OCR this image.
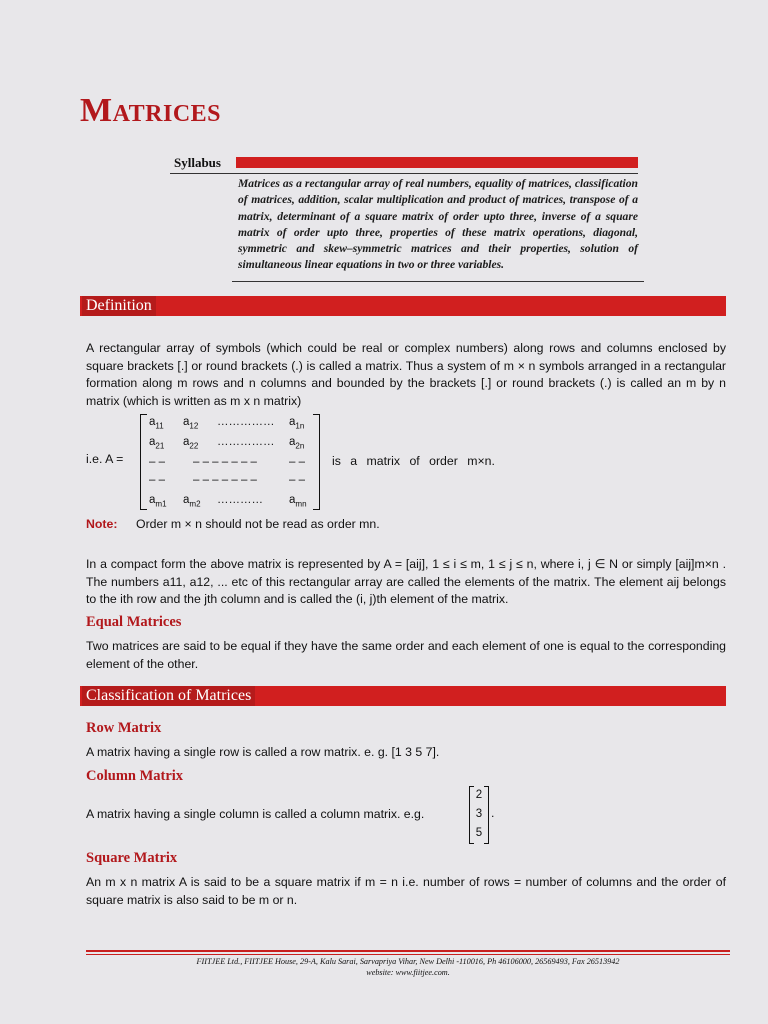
Matrices
Syllabus

Matrices as a rectangular array of real numbers, equality of matrices, classification of matrices, addition, scalar multiplication and product of matrices, transpose of a matrix, determinant of a square matrix of order upto three, inverse of a square matrix of order upto three, properties of these matrix operations, diagonal, symmetric and skew–symmetric matrices and their properties, solution of simultaneous linear equations in two or three variables.

Definition

A rectangular array of symbols (which could be real or complex numbers) along rows and columns enclosed by square brackets [.] or round brackets (.) is called a matrix. Thus a system of m × n symbols arranged in a rectangular formation along m rows and n columns and bounded by the brackets [.] or round brackets (.) is called an m by n matrix (which is written as m x n matrix)

i.e. A =
$a_{11}$ $a_{12}$ …………… $a_{1n}$
$a_{21}$ $a_{22}$ …………… $a_{2n}$
– – – – – – – – –	– –
– – – – – – – – –	– –
$a_{m1}$ $a_{m2}$ ………… $a_{mn}$
is a matrix of order m×n.
Note: Order m × n should not be read as order mn.

In a compact form the above matrix is represented by A = [aij], 1 ≤ i ≤ m, 1 ≤ j ≤ n, where i, j ∈ N or simply [aij]m×n . The numbers a11, a12, ... etc of this rectangular array are called the elements of the matrix. The element aij belongs to the ith row and the jth column and is called the (i, j)th element of the matrix.

Equal Matrices

Two matrices are said to be equal if they have the same order and each element of one is equal to the corresponding element of the other.

Classification of Matrices
Row Matrix

A matrix having a single row is called a row matrix. e. g. [1 3 5 7].

Column Matrix

A matrix having a single column is called a column matrix. e.g.

2
3
5
.
Square Matrix

An m x n matrix A is said to be a square matrix if m = n i.e. number of rows = number of columns and the order of square matrix is also said to be m or n.

FIITJEE Ltd., FIITJEE House, 29-A, Kalu Sarai, Sarvapriya Vihar, New Delhi -110016, Ph 46106000, 26569493, Fax 26513942
website: www.fiitjee.com.
